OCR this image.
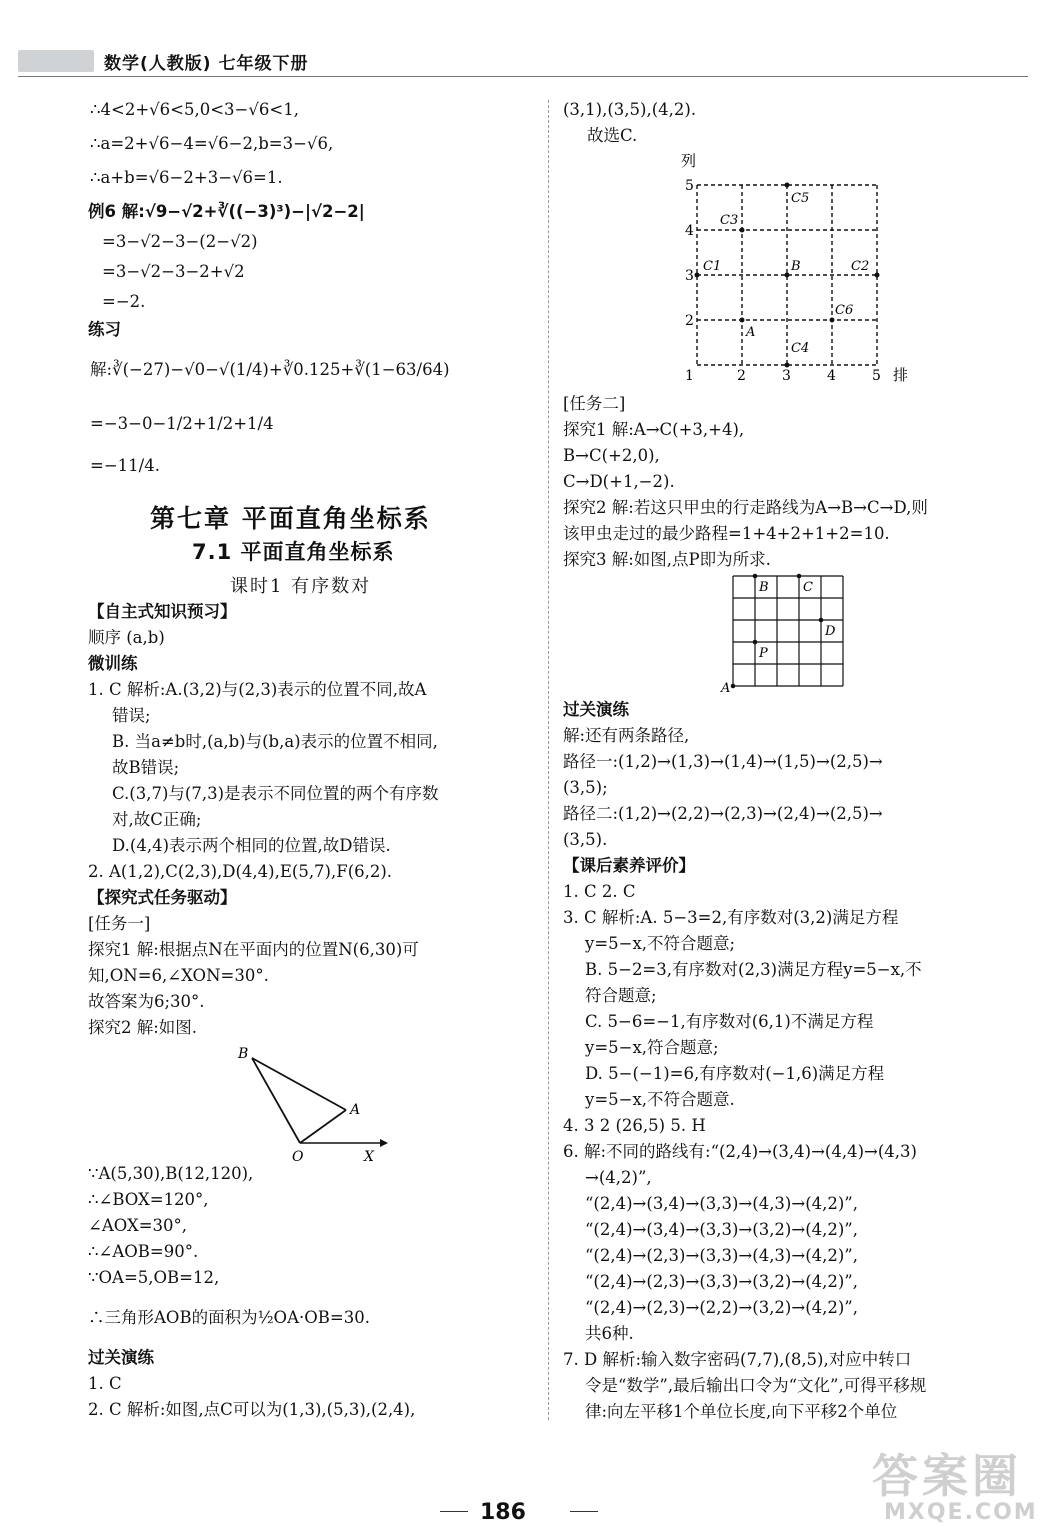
数学(人教版) 七年级下册
∴4<2+√6<5,0<3−√6<1,
∴a=2+√6−4=√6−2,b=3−√6,
∴a+b=√6−2+3−√6=1.
例6 解:√9−√2+∛((−3)³)−|√2−2|
=3−√2−3−(2−√2)
=3−√2−3−2+√2
=−2.
练习
解:∛(−27)−√0−√(1/4)+∛0.125+∛(1−63/64)
=−3−0−1/2+1/2+1/4
=−11/4.
第七章 平面直角坐标系
7.1 平面直角坐标系
课时1 有序数对
【自主式知识预习】
顺序 (a,b)
微训练
1. C 解析:A.(3,2)与(2,3)表示的位置不同,故A
错误;
B. 当a≠b时,(a,b)与(b,a)表示的位置不相同,
故B错误;
C.(3,7)与(7,3)是表示不同位置的两个有序数
对,故C正确;
D.(4,4)表示两个相同的位置,故D错误.
2. A(1,2),C(2,3),D(4,4),E(5,7),F(6,2).
【探究式任务驱动】
[任务一]
探究1 解:根据点N在平面内的位置N(6,30)可
知,ON=6,∠XON=30°.
故答案为6;30°.
探究2 解:如图.
B
A
O	X
∵A(5,30),B(12,120),
∴∠BOX=120°,
∠AOX=30°,
∴∠AOB=90°.
∵OA=5,OB=12,
∴三角形AOB的面积为½OA·OB=30.
过关演练
1. C
2. C 解析:如图,点C可以为(1,3),(5,3),(2,4),
(3,1),(3,5),(4,2).
故选C.
列
排
5
4
3
2
1	2	3	4	5
C5
C3
C1	B	C2
C6
A
C4
[任务二]
探究1 解:A→C(+3,+4),
B→C(+2,0),
C→D(+1,−2).
探究2 解:若这只甲虫的行走路线为A→B→C→D,则
该甲虫走过的最少路程=1+4+2+1+2=10.
探究3 解:如图,点P即为所求.
B	C
D
P
A
过关演练
解:还有两条路径,
路径一:(1,2)→(1,3)→(1,4)→(1,5)→(2,5)→
(3,5);
路径二:(1,2)→(2,2)→(2,3)→(2,4)→(2,5)→
(3,5).
【课后素养评价】
1. C 2. C
3. C 解析:A. 5−3=2,有序数对(3,2)满足方程
y=5−x,不符合题意;
B. 5−2=3,有序数对(2,3)满足方程y=5−x,不
符合题意;
C. 5−6=−1,有序数对(6,1)不满足方程
y=5−x,符合题意;
D. 5−(−1)=6,有序数对(−1,6)满足方程
y=5−x,不符合题意.
4. 3 2 (26,5) 5. H
6. 解:不同的路线有:“(2,4)→(3,4)→(4,4)→(4,3)
→(4,2)”,
“(2,4)→(3,4)→(3,3)→(4,3)→(4,2)”,
“(2,4)→(3,4)→(3,3)→(3,2)→(4,2)”,
“(2,4)→(2,3)→(3,3)→(4,3)→(4,2)”,
“(2,4)→(2,3)→(3,3)→(3,2)→(4,2)”,
“(2,4)→(2,3)→(2,2)→(3,2)→(4,2)”,
共6种.
7. D 解析:输入数字密码(7,7),(8,5),对应中转口
令是“数学”,最后输出口令为“文化”,可得平移规
律:向左平移1个单位长度,向下平移2个单位
186
答案圈
MXQE.COM
